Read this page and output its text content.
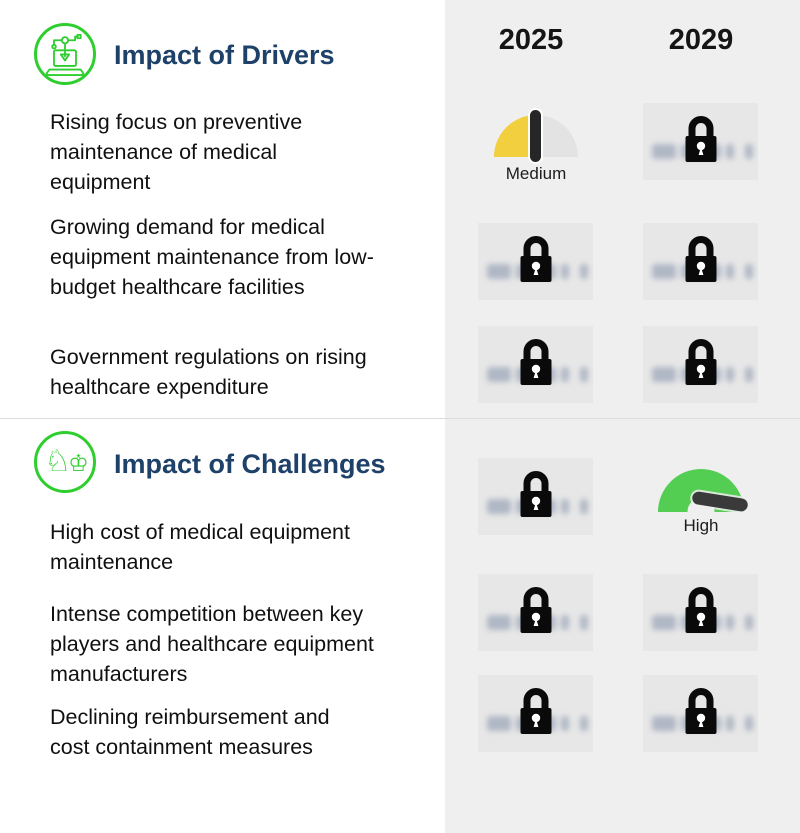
2025	2029
Impact of Drivers
Rising focus on preventive maintenance of medical equipment
Growing demand for medical equipment maintenance from low-budget healthcare facilities
Government regulations on rising healthcare expenditure
♘♔ Impact of Challenges
High cost of medical equipment maintenance
Intense competition between key players and healthcare equipment manufacturers
Declining reimbursement and cost containment measures
Medium
High
